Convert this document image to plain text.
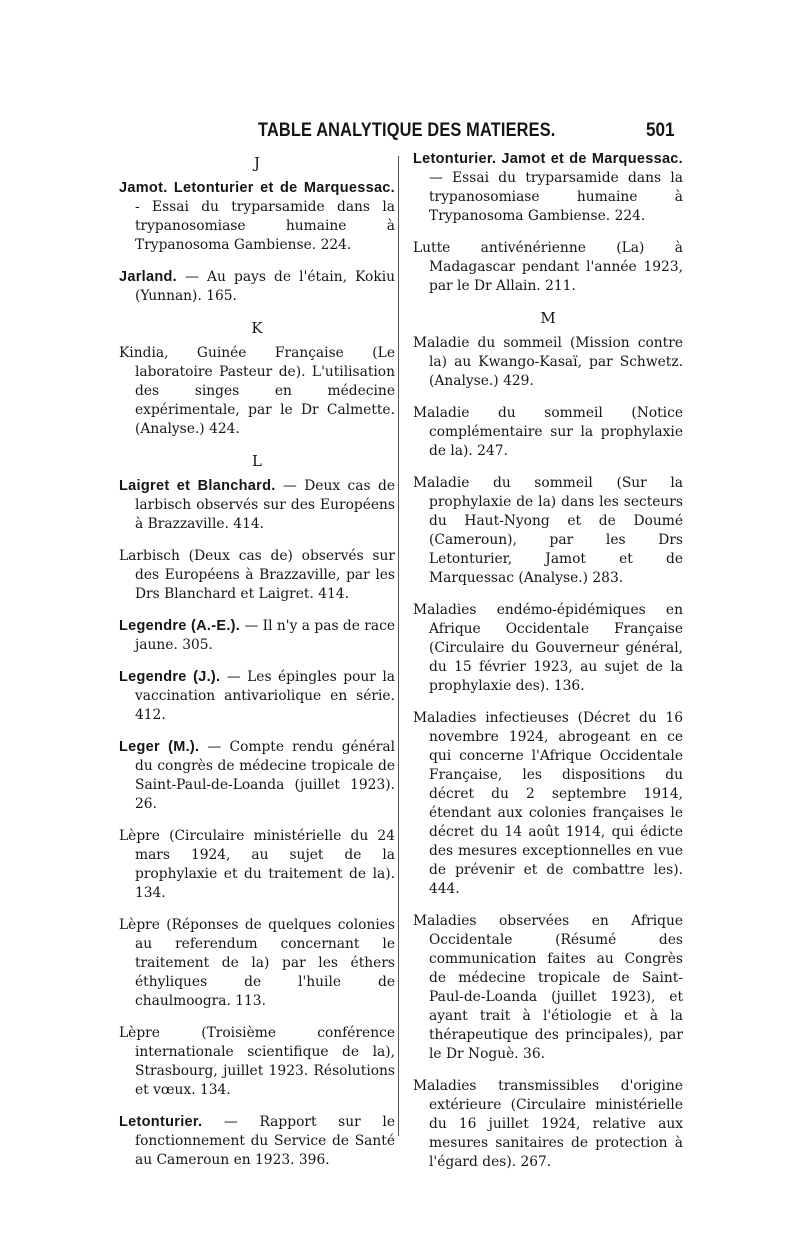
TABLE ANALYTIQUE DES MATIERES.	501
J
Jamot. Letonturier et de Marquessac. - Essai du tryparsamide dans la trypanosomiase humaine à Trypanosoma Gambiense. 224.
Jarland. — Au pays de l'étain, Kokiu (Yunnan). 165.
K
Kindia, Guinée Française (Le laboratoire Pasteur de). L'utilisation des singes en médecine expérimentale, par le Dr Calmette. (Analyse.) 424.
L
Laigret et Blanchard. — Deux cas de larbisch observés sur des Européens à Brazzaville. 414.
Larbisch (Deux cas de) observés sur des Européens à Brazzaville, par les Drs Blanchard et Laigret. 414.
Legendre (A.-E.). — Il n'y a pas de race jaune. 305.
Legendre (J.). — Les épingles pour la vaccination antivariolique en série. 412.
Leger (M.). — Compte rendu général du congrès de médecine tropicale de Saint-Paul-de-Loanda (juillet 1923). 26.
Lèpre (Circulaire ministérielle du 24 mars 1924, au sujet de la prophylaxie et du traitement de la). 134.
Lèpre (Réponses de quelques colonies au referendum concernant le traitement de la) par les éthers éthyliques de l'huile de chaulmoogra. 113.
Lèpre (Troisième conférence internationale scientifique de la), Strasbourg, juillet 1923. Résolutions et vœux. 134.
Letonturier. — Rapport sur le fonctionnement du Service de Santé au Cameroun en 1923. 396.
Letonturier. Jamot et de Marquessac. — Essai du tryparsamide dans la trypanosomiase humaine à Trypanosoma Gambiense. 224.
Lutte antivénérienne (La) à Madagascar pendant l'année 1923, par le Dr Allain. 211.
M
Maladie du sommeil (Mission contre la) au Kwango-Kasaï, par Schwetz. (Analyse.) 429.
Maladie du sommeil (Notice complémentaire sur la prophylaxie de la). 247.
Maladie du sommeil (Sur la prophylaxie de la) dans les secteurs du Haut-Nyong et de Doumé (Cameroun), par les Drs Letonturier, Jamot et de Marquessac (Analyse.) 283.
Maladies endémo-épidémiques en Afrique Occidentale Française (Circulaire du Gouverneur général, du 15 février 1923, au sujet de la prophylaxie des). 136.
Maladies infectieuses (Décret du 16 novembre 1924, abrogeant en ce qui concerne l'Afrique Occidentale Française, les dispositions du décret du 2 septembre 1914, étendant aux colonies françaises le décret du 14 août 1914, qui édicte des mesures exceptionnelles en vue de prévenir et de combattre les). 444.
Maladies observées en Afrique Occidentale (Résumé des communication faites au Congrès de médecine tropicale de Saint-Paul-de-Loanda (juillet 1923), et ayant trait à l'étiologie et à la thérapeutique des principales), par le Dr Noguè. 36.
Maladies transmissibles d'origine extérieure (Circulaire ministérielle du 16 juillet 1924, relative aux mesures sanitaires de protection à l'égard des). 267.
